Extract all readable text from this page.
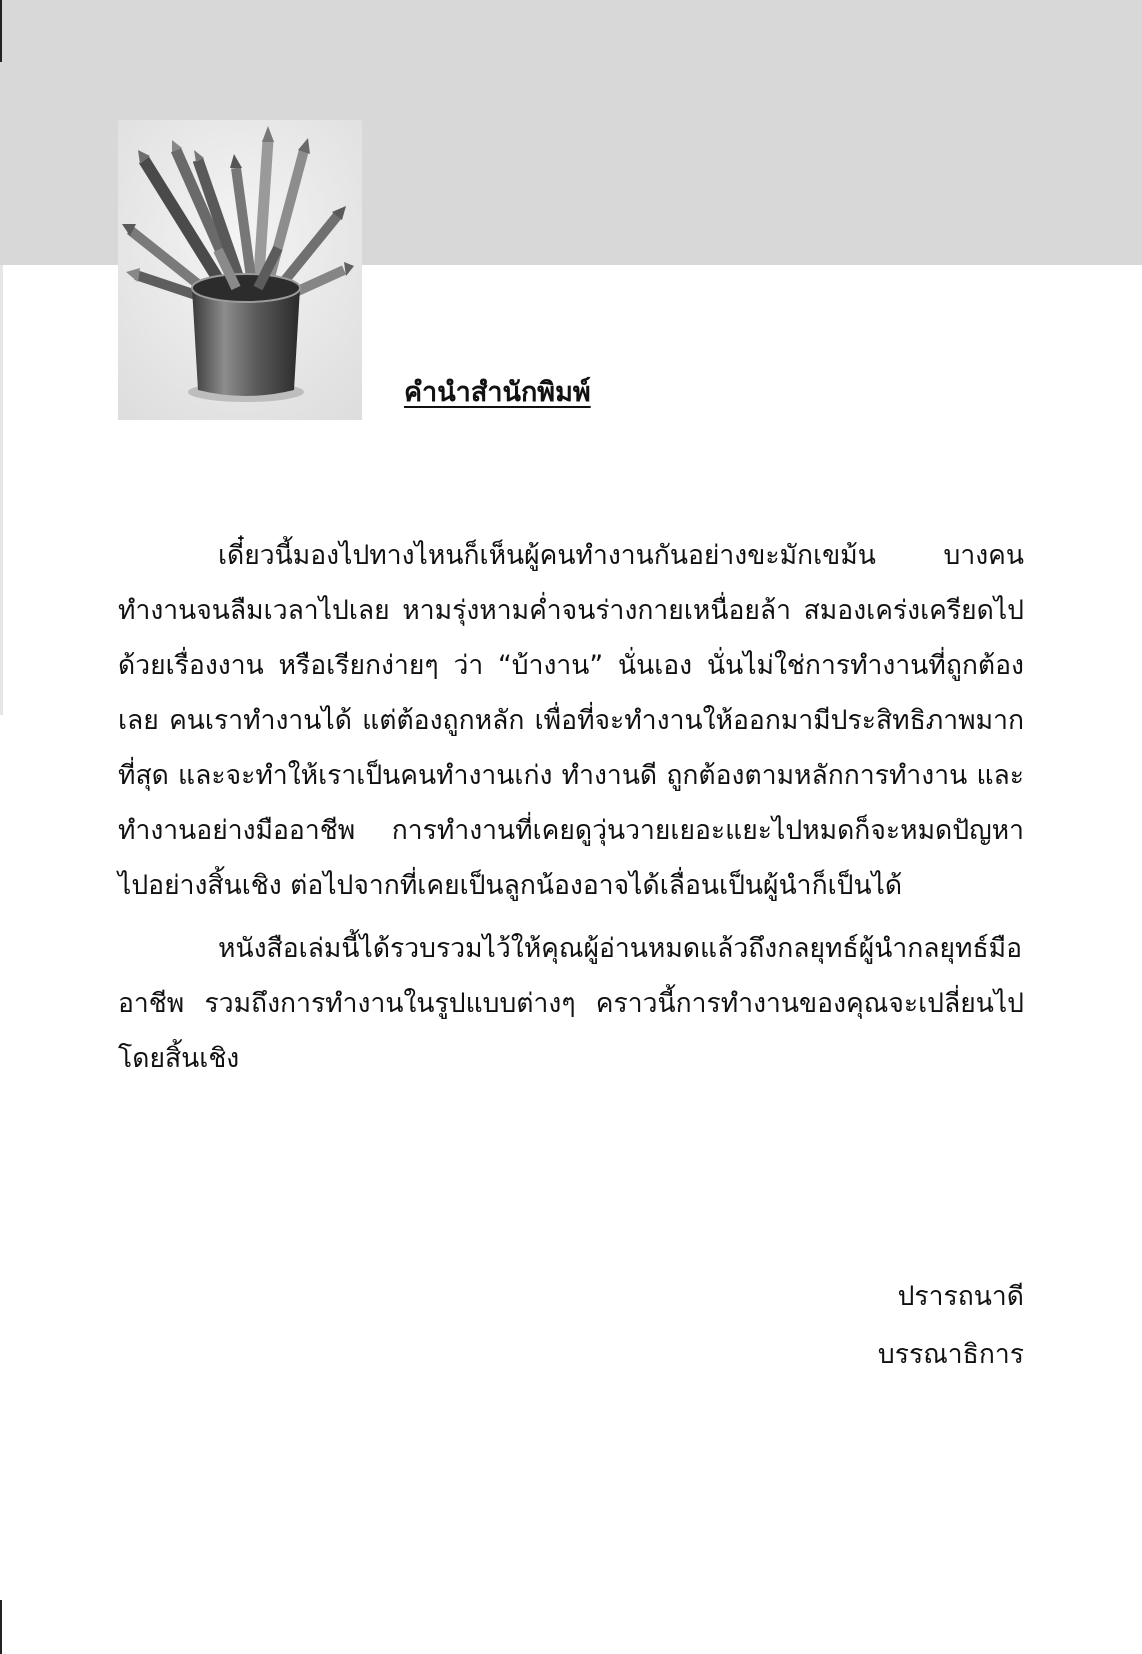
คำนำสำนักพิมพ์

เดี๋ยวนี้มองไปทางไหนก็เห็นผู้คนทำงานกันอย่างขะมักเขม้น บางคนทำงานจนลืมเวลาไปเลย หามรุ่งหามค่ำจนร่างกายเหนื่อยล้า สมองเคร่งเครียดไปด้วยเรื่องงาน หรือเรียกง่ายๆ ว่า “บ้างาน” นั่นเอง นั่นไม่ใช่การทำงานที่ถูกต้องเลย คนเราทำงานได้ แต่ต้องถูกหลัก เพื่อที่จะทำงานให้ออกมามีประสิทธิภาพมากที่สุด และจะทำให้เราเป็นคนทำงานเก่ง ทำงานดี ถูกต้องตามหลักการทำงาน และทำงานอย่างมืออาชีพ การทำงานที่เคยดูวุ่นวายเยอะแยะไปหมดก็จะหมดปัญหาไปอย่างสิ้นเชิง ต่อไปจากที่เคยเป็นลูกน้องอาจได้เลื่อนเป็นผู้นำก็เป็นได้

หนังสือเล่มนี้ได้รวบรวมไว้ให้คุณผู้อ่านหมดแล้วถึงกลยุทธ์ผู้นำกลยุทธ์มืออาชีพ รวมถึงการทำงานในรูปแบบต่างๆ คราวนี้การทำงานของคุณจะเปลี่ยนไปโดยสิ้นเชิง

ปรารถนาดี
บรรณาธิการ
